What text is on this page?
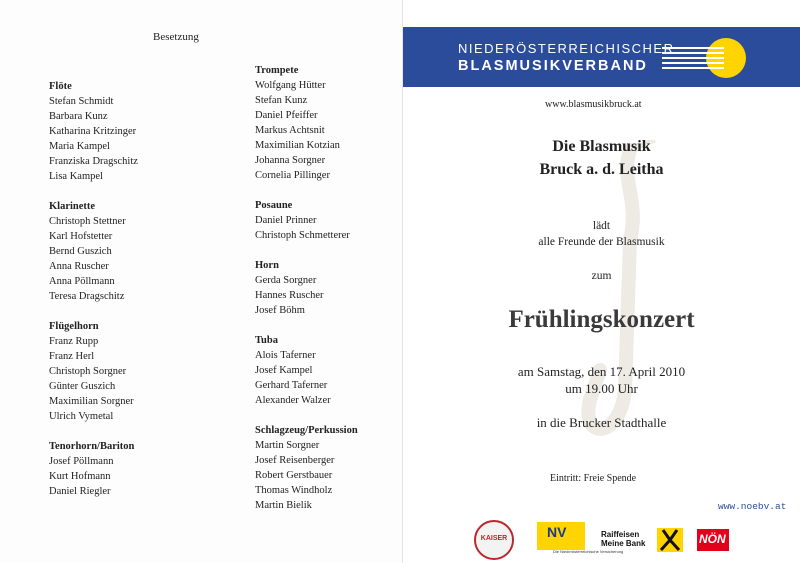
Besetzung
Flöte
Stefan Schmidt
Barbara Kunz
Katharina Kritzinger
Maria Kampel
Franziska Dragschitz
Lisa Kampel
Klarinette
Christoph Stettner
Karl Hofstetter
Bernd Guszich
Anna Ruscher
Anna Pöllmann
Teresa Dragschitz
Flügelhorn
Franz Rupp
Franz Herl
Christoph Sorgner
Günter Guszich
Maximilian Sorgner
Ulrich Vymetal
Tenorhorn/Bariton
Josef Pöllmann
Kurt Hofmann
Daniel Riegler
Trompete
Wolfgang Hütter
Stefan Kunz
Daniel Pfeiffer
Markus Achtsnit
Maximilian Kotzian
Johanna Sorgner
Cornelia Pillinger
Posaune
Daniel Prinner
Christoph Schmetterer
Horn
Gerda Sorgner
Hannes Ruscher
Josef Böhm
Tuba
Alois Taferner
Josef Kampel
Gerhard Taferner
Alexander Walzer
Schlagzeug/Perkussion
Martin Sorgner
Josef Reisenberger
Robert Gerstbauer
Thomas Windholz
Martin Bielik
NIEDERÖSTERREICHISCHER
BLASMUSIKVERBAND
www.blasmusikbruck.at
Die Blasmusik
Bruck a. d. Leitha
lädt
alle Freunde der Blasmusik
zum
Frühlingskonzert
am Samstag, den 17. April 2010
um 19.00 Uhr
in die Brucker Stadthalle
Eintritt: Freie Spende
www.noebv.at
KAISER	NV
Die Niederösterreichische Versicherung
Raiffeisen
Meine Bank	NÖN
